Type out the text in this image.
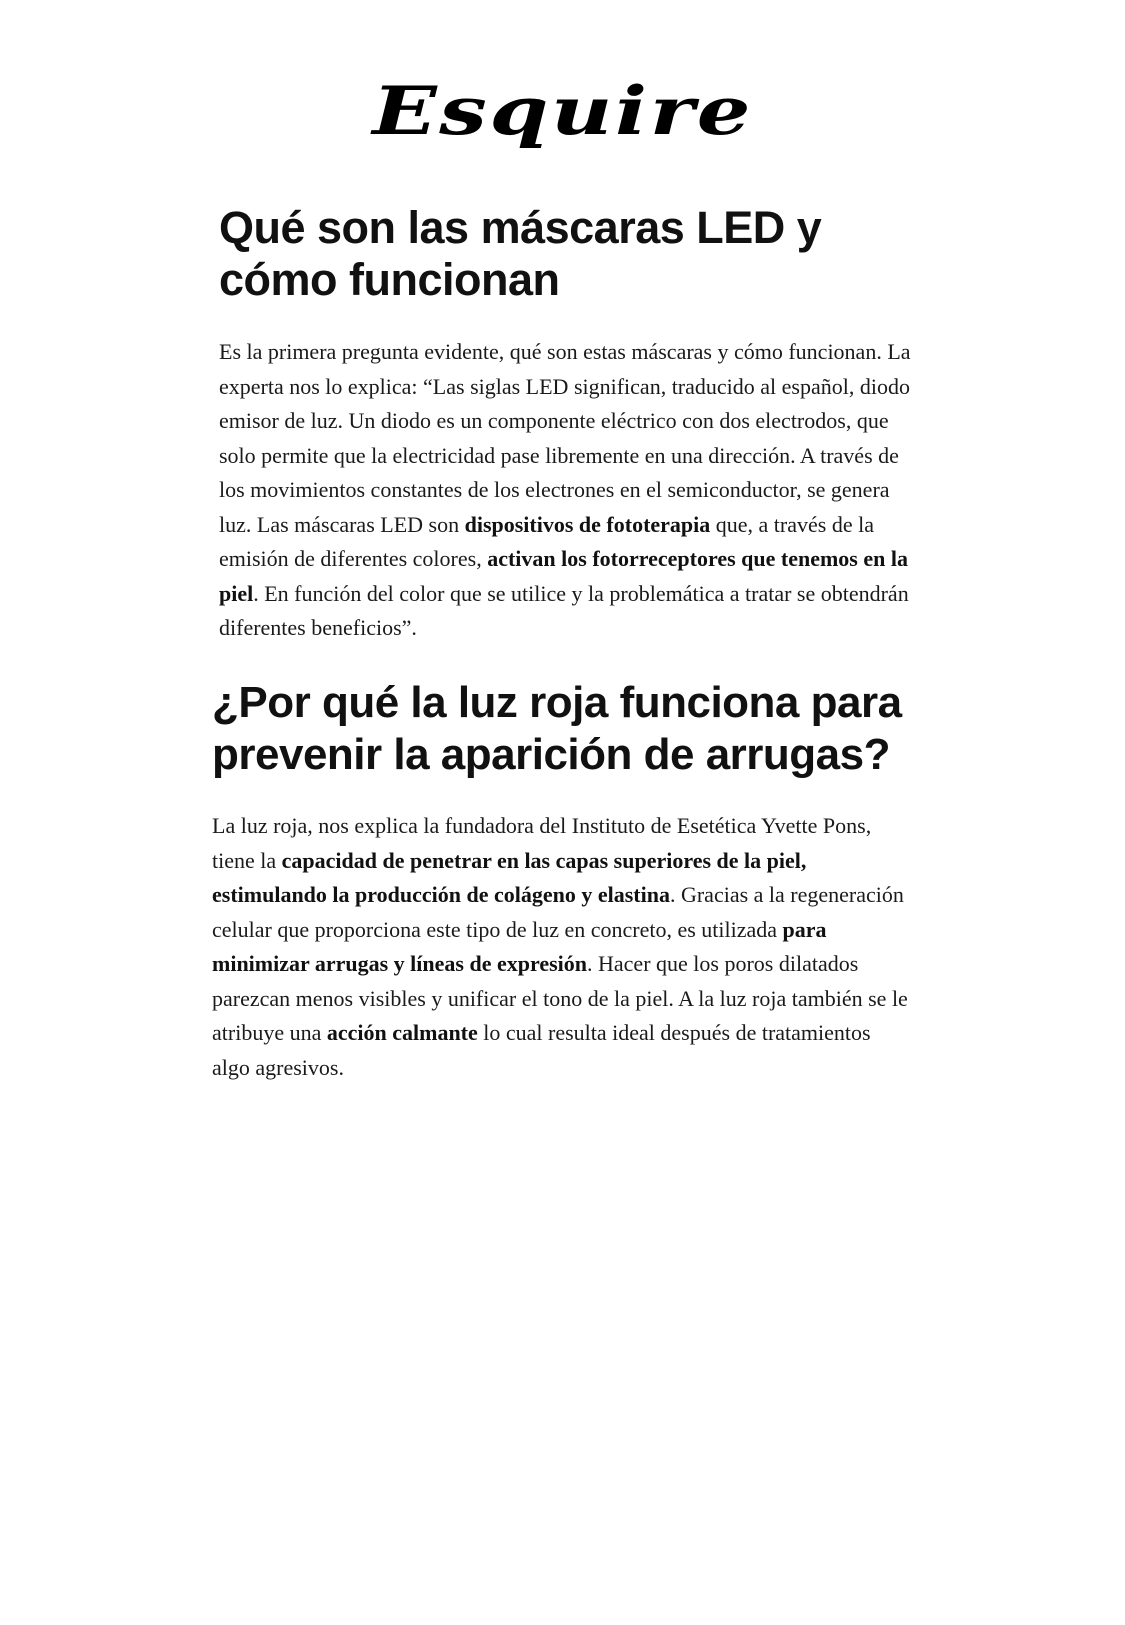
Esquire
Qué son las máscaras LED y cómo funcionan

Es la primera pregunta evidente, qué son estas máscaras y cómo funcionan. La experta nos lo explica: “Las siglas LED significan, traducido al español, diodo emisor de luz. Un diodo es un componente eléctrico con dos electrodos, que solo permite que la electricidad pase libremente en una dirección. A través de los movimientos constantes de los electrones en el semiconductor, se genera luz. Las máscaras LED son dispositivos de fototerapia que, a través de la emisión de diferentes colores, activan los fotorreceptores que tenemos en la piel. En función del color que se utilice y la problemática a tratar se obtendrán diferentes beneficios”.

¿Por qué la luz roja funciona para prevenir la aparición de arrugas?

La luz roja, nos explica la fundadora del Instituto de Esetética Yvette Pons, tiene la capacidad de penetrar en las capas superiores de la piel, estimulando la producción de colágeno y elastina. Gracias a la regeneración celular que proporciona este tipo de luz en concreto, es utilizada para minimizar arrugas y líneas de expresión. Hacer que los poros dilatados parezcan menos visibles y unificar el tono de la piel. A la luz roja también se le atribuye una acción calmante lo cual resulta ideal después de tratamientos algo agresivos.
